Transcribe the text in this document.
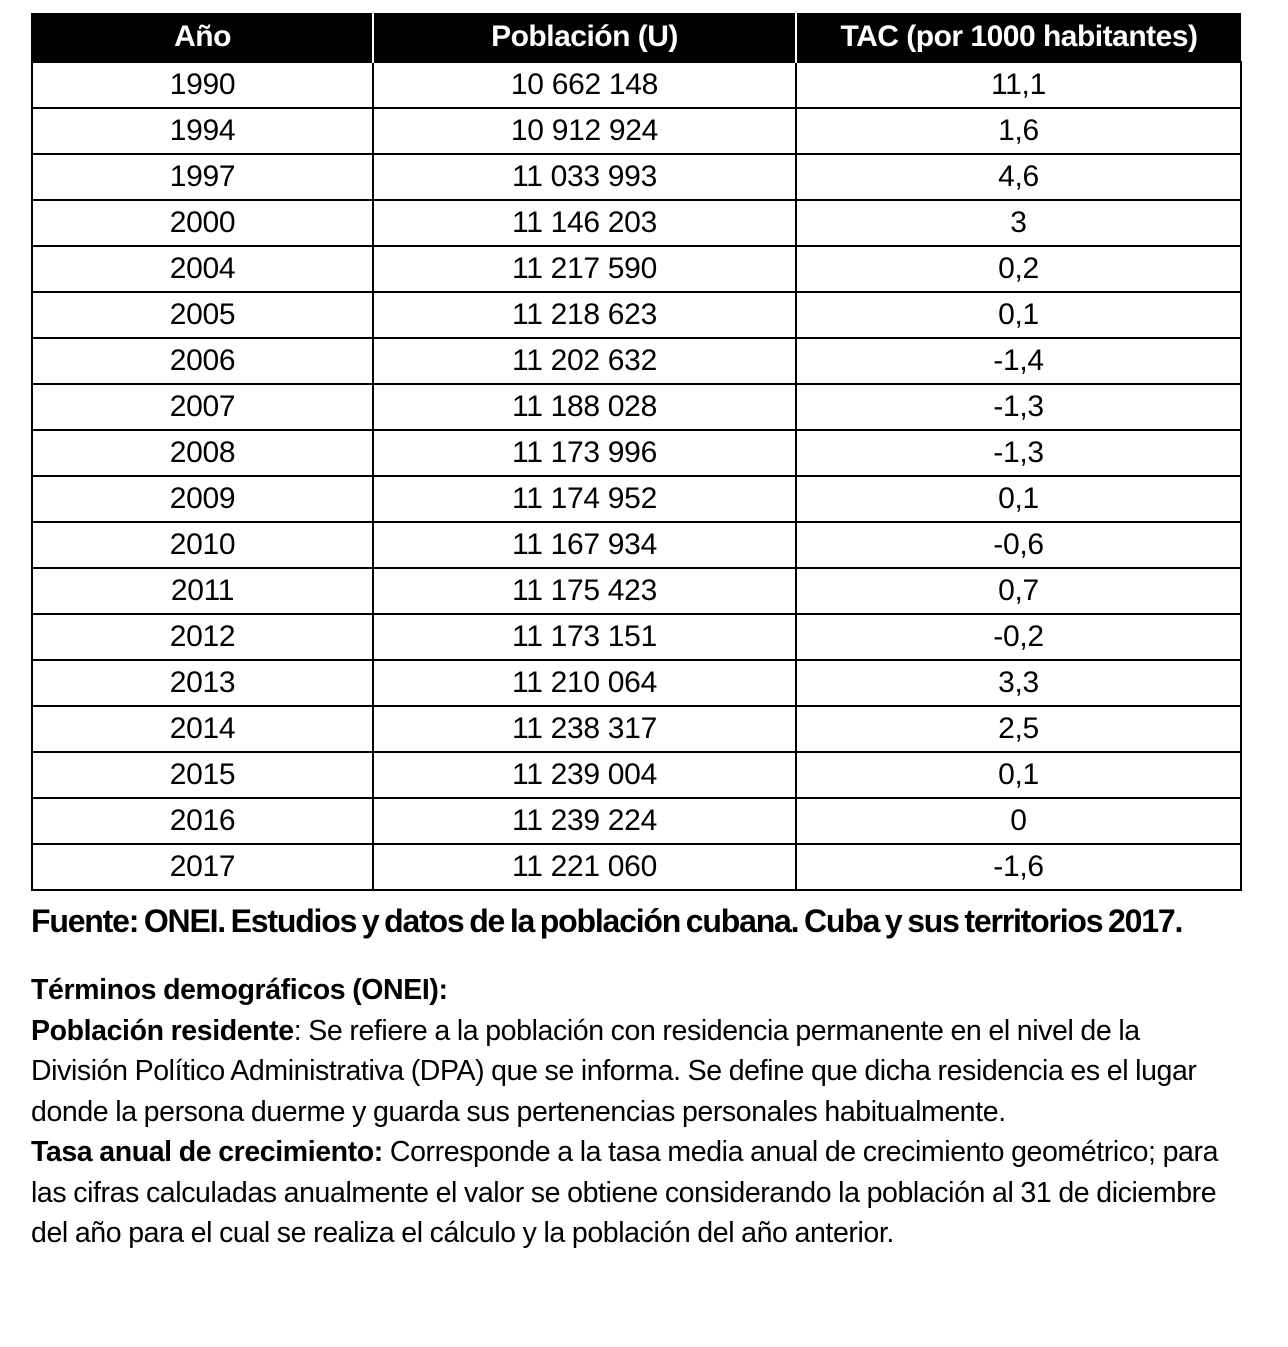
Año	Población (U)	TAC (por 1000 habitantes)
1990	10 662 148	11,1
1994	10 912 924	1,6
1997	11 033 993	4,6
2000	11 146 203	3
2004	11 217 590	0,2
2005	11 218 623	0,1
2006	11 202 632	-1,4
2007	11 188 028	-1,3
2008	11 173 996	-1,3
2009	11 174 952	0,1
2010	11 167 934	-0,6
2011	11 175 423	0,7
2012	11 173 151	-0,2
2013	11 210 064	3,3
2014	11 238 317	2,5
2015	11 239 004	0,1
2016	11 239 224	0
2017	11 221 060	-1,6
Fuente: ONEI. Estudios y datos de la población cubana. Cuba y sus territorios 2017.
Términos demográficos (ONEI):

Población residente: Se refiere a la población con residencia permanente en el nivel de la División Político Administrativa (DPA) que se informa. Se define que dicha residencia es el lugar donde la persona duerme y guarda sus pertenencias personales habitualmente.

Tasa anual de crecimiento: Corresponde a la tasa media anual de crecimiento geométrico; para las cifras calculadas anualmente el valor se obtiene considerando la población al 31 de diciembre del año para el cual se realiza el cálculo y la población del año anterior.
